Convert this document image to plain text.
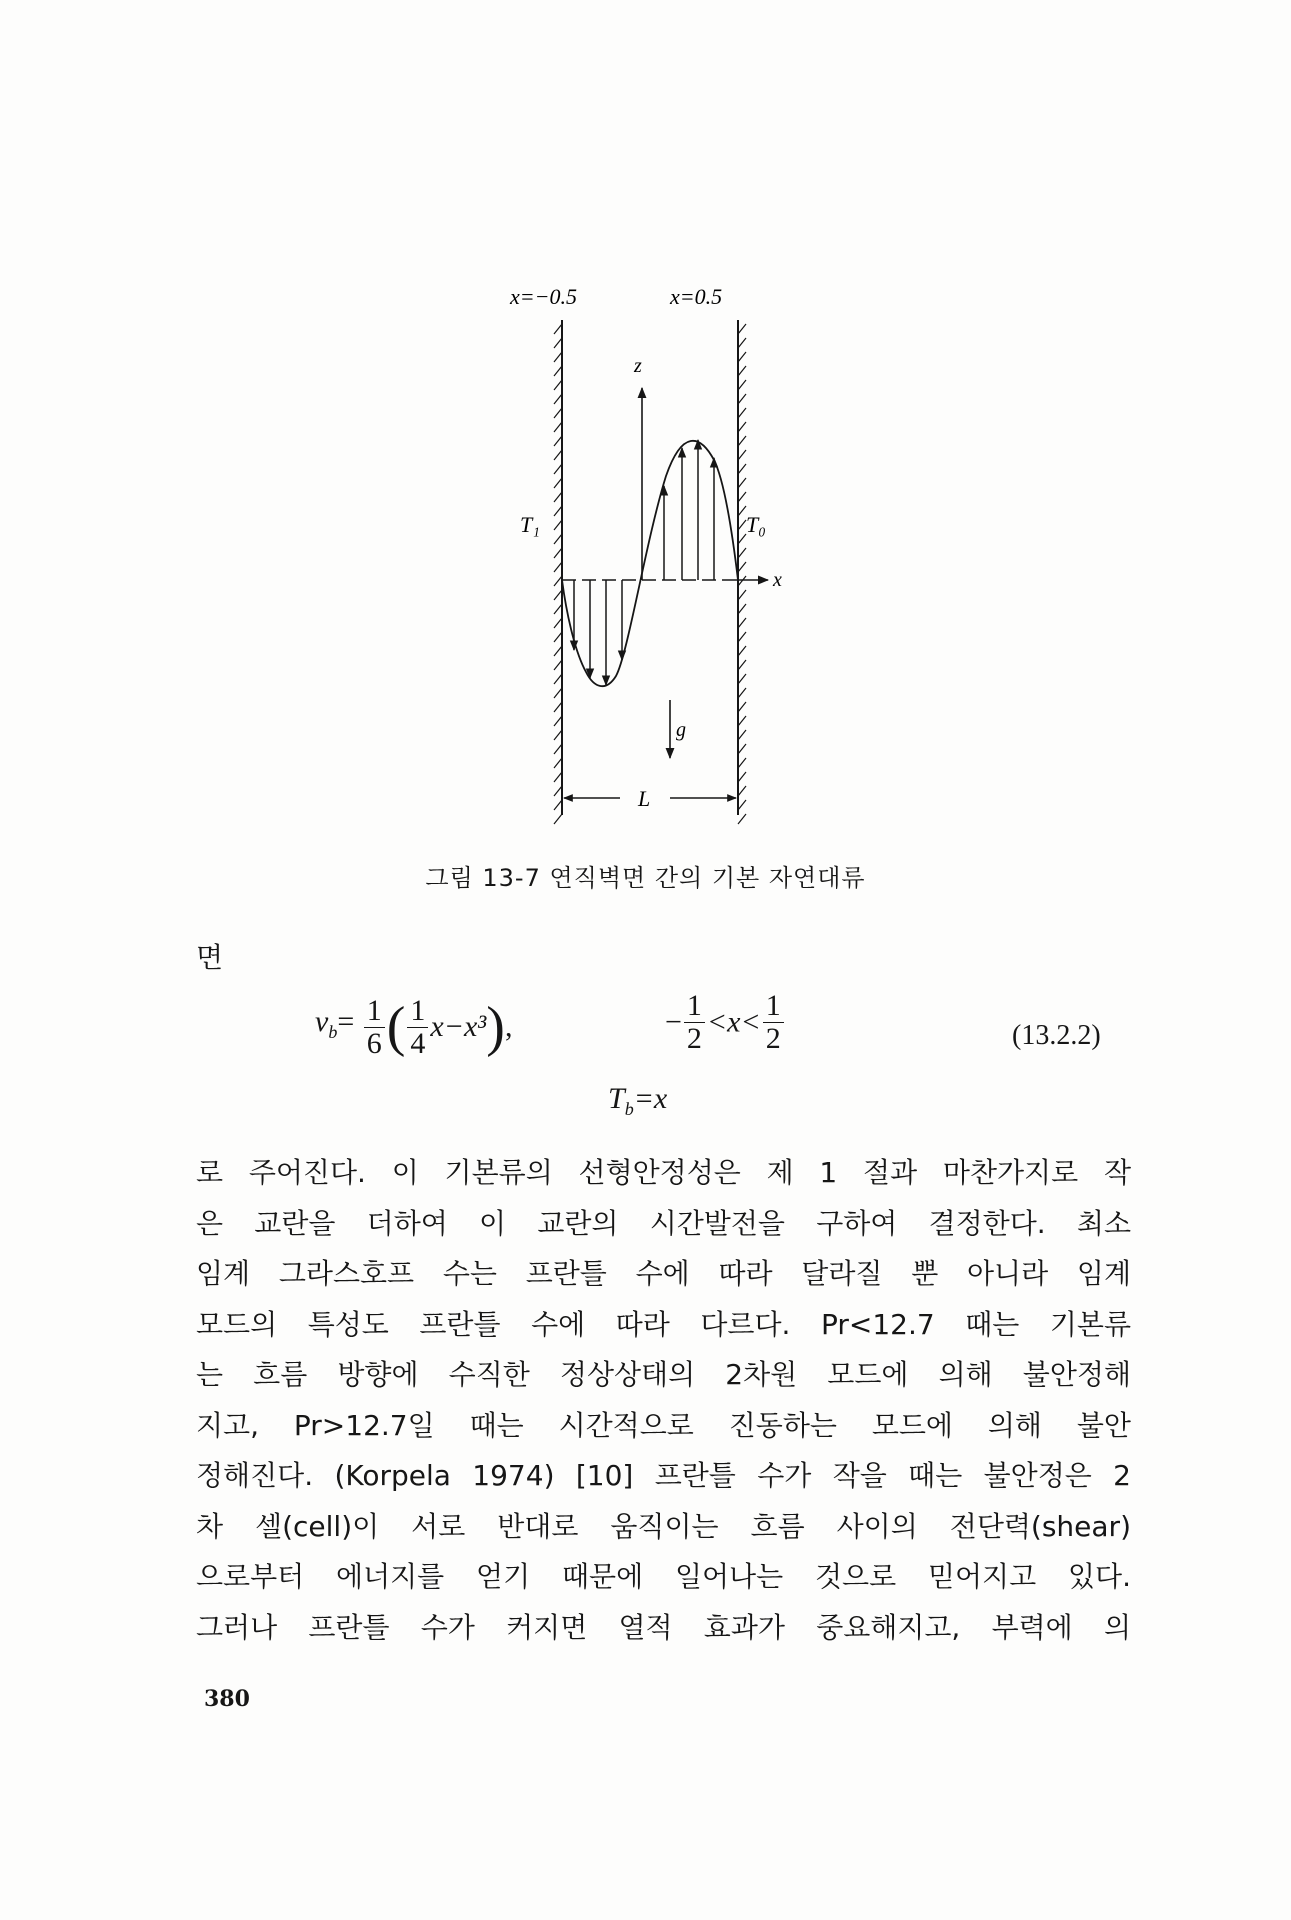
x=−0.5	x=0.5
z
x
T₁	T₀
g
L
그림 13-7 연직벽면 간의 기본 자연대류
면
$v_b= \frac{1}{6}$ ( $\frac{1}{4} x-x^3$),	− $\frac{1}{2} <x< \frac{1}{2}$	(13.2.2)
$T_b=x$
로 주어진다. 이 기본류의 선형안정성은 제 1 절과 마찬가지로 작
은 교란을 더하여 이 교란의 시간발전을 구하여 결정한다. 최소
임계 그라스호프 수는 프란틀 수에 따라 달라질 뿐 아니라 임계
모드의 특성도 프란틀 수에 따라 다르다. Pr<12.7 때는 기본류
는 흐름 방향에 수직한 정상상태의 2차원 모드에 의해 불안정해
지고, Pr>12.7일 때는 시간적으로 진동하는 모드에 의해 불안
정해진다. (Korpela 1974) [10] 프란틀 수가 작을 때는 불안정은 2
차 셀(cell)이 서로 반대로 움직이는 흐름 사이의 전단력(shear)
으로부터 에너지를 얻기 때문에 일어나는 것으로 믿어지고 있다.
그러나 프란틀 수가 커지면 열적 효과가 중요해지고, 부력에 의
380
